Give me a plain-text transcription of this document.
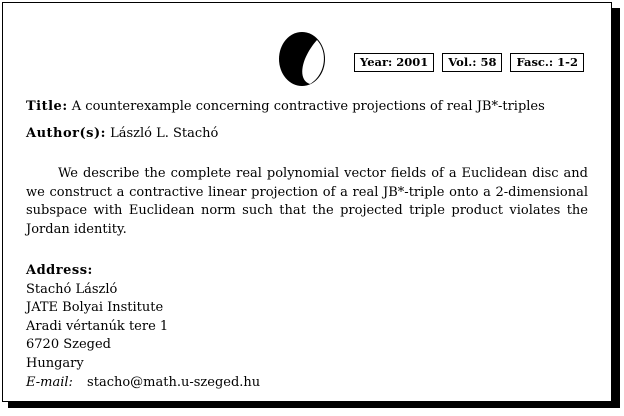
Year: 2001	Vol.: 58	Fasc.: 1-2
Title: A counterexample concerning contractive projections of real JB*-triples
Author(s): László L. Stachó

We describe the complete real polynomial vector fields of a Euclidean disc and we construct a contractive linear projection of a real JB*-triple onto a 2-dimensional subspace with Euclidean norm such that the projected triple product violates the Jordan identity.

Address:
Stachó László
JATE Bolyai Institute
Aradi vértanúk tere 1
6720 Szeged
Hungary
E-mail: stacho@math.u-szeged.hu
